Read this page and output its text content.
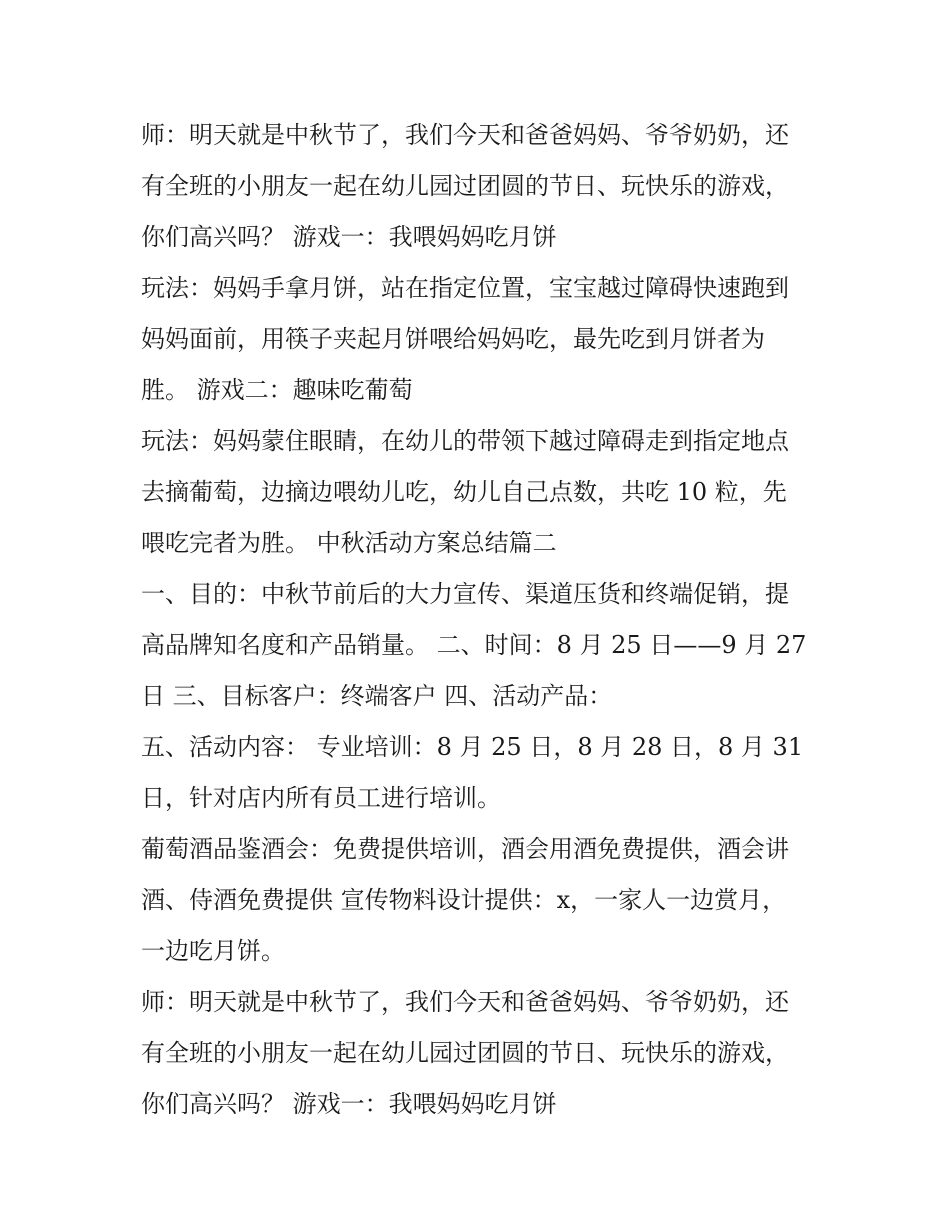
师：明天就是中秋节了，我们今天和爸爸妈妈、爷爷奶奶，还
有全班的小朋友一起在幼儿园过团圆的节日、玩快乐的游戏，
你们高兴吗？ 游戏一：我喂妈妈吃月饼
玩法：妈妈手拿月饼，站在指定位置，宝宝越过障碍快速跑到
妈妈面前，用筷子夹起月饼喂给妈妈吃，最先吃到月饼者为
胜。 游戏二：趣味吃葡萄
玩法：妈妈蒙住眼睛，在幼儿的带领下越过障碍走到指定地点
去摘葡萄，边摘边喂幼儿吃，幼儿自己点数，共吃 10 粒，先
喂吃完者为胜。 中秋活动方案总结篇二
一、目的：中秋节前后的大力宣传、渠道压货和终端促销，提
高品牌知名度和产品销量。 二、时间：8 月 25 日——9 月 27
日 三、目标客户：终端客户 四、活动产品：
五、活动内容： 专业培训：8 月 25 日，8 月 28 日，8 月 31
日，针对店内所有员工进行培训。
葡萄酒品鉴酒会：免费提供培训，酒会用酒免费提供，酒会讲
酒、侍酒免费提供 宣传物料设计提供：x，一家人一边赏月，
一边吃月饼。
师：明天就是中秋节了，我们今天和爸爸妈妈、爷爷奶奶，还
有全班的小朋友一起在幼儿园过团圆的节日、玩快乐的游戏，
你们高兴吗？ 游戏一：我喂妈妈吃月饼
